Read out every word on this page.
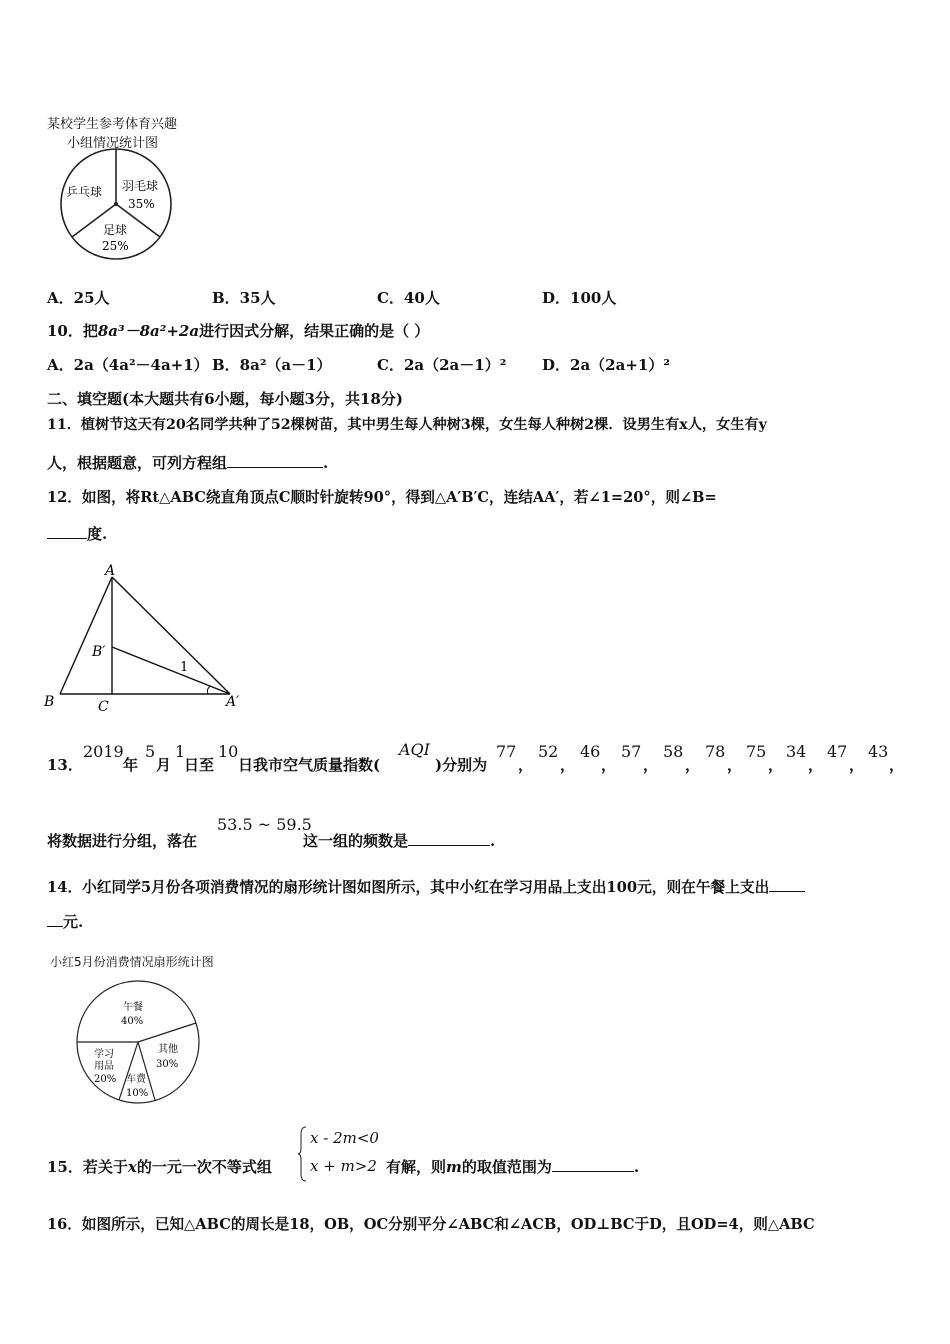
某校学生参考体育兴趣
小组情况统计图
乒乓球 羽毛球
35%
足球
25%
A．25人	B．35人	C．40人	D．100人
10．把8a³－8a²+2a进行因式分解，结果正确的是（ ）
A．2a（4a²－4a+1） B．8a²（a－1）	C．2a（2a－1）² D．2a（2a+1）²
二、填空题(本大题共有6小题，每小题3分，共18分)
11．植树节这天有20名同学共种了52棵树苗，其中男生每人种树3棵，女生每人种树2棵．设男生有x人，女生有y
人，根据题意，可列方程组	.
12．如图，将Rt△ABC绕直角顶点C顺时针旋转90°，得到△A′B′C，连结AA′，若∠1=20°，则∠B=
度.
A
B′
1
B	C	A′
13．
2019
年
5
月
1
日至
10
日我市空气质量指数(
AQI
)分别为
77
，
52
，
46
，
57
，
58
，
78
，
75
，
34
，
47
，
43
，
将数据进行分组，落在
53.5 ~ 59.5
这一组的频数是	.
14．小红同学5月份各项消费情况的扇形统计图如图所示，其中小红在学习用品上支出100元，则在午餐上支出
元.
小红5月份消费情况扇形统计图
午餐
40%
其他
30%
学习
用品
20% 车费
10%
15．若关于x的一元一次不等式组
x - 2m<0
x + m>2 有解，则m的取值范围为	.
16．如图所示，已知△ABC的周长是18，OB，OC分别平分∠ABC和∠ACB，OD⊥BC于D，且OD=4，则△ABC
